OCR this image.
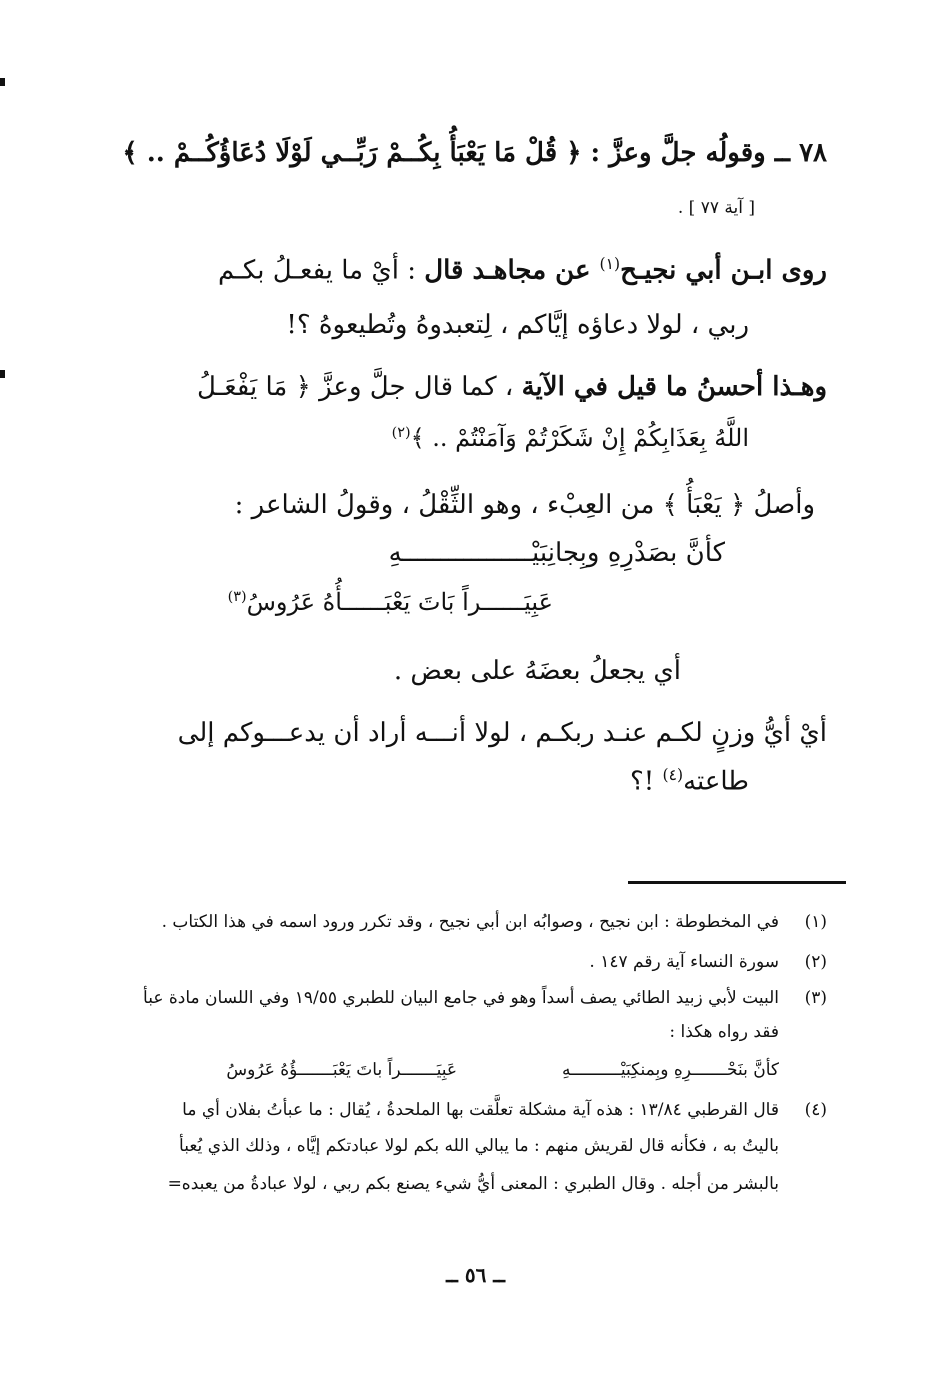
٧٨ ــ وقولُه جلَّ وعزَّ : ﴿ قُلْ مَا يَعْبَأُ بِكُــمْ رَبِّــي لَوْلَا دُعَاؤُكُــمْ .. ﴾
[ آية ٧٧ ] .
روى ابـن أبي نجيـح$^{(١)}$ عن مجاهـد قال : أيْ ما يفعـلُ بكـم
ربي ، لولا دعاؤه إيَّاكم ، لِتعبدوهُ وتُطيعوهُ ؟!
وهـذا أحسنُ ما قيل في الآية ، كما قال جلَّ وعزَّ ﴿ مَا يَفْعَـلُ
اللَّهُ بِعَذَابِكُمْ إِنْ شَكَرْتُمْ وَآمَنْتُمْ .. ﴾$^{(٢)}$
وأصلُ ﴿ يَعْبَأُ ﴾ من العِبْء ، وهو الثِّقْلُ ، وقولُ الشاعر :
كأنَّ بصَدْرِهِ وبِجانِبَيْـــــــــــــــــهِ
عَبِيَــــــراً بَاتَ يَعْبَــــــأُهُ عَرُوسُ$^{(٣)}$
أي يجعلُ بعضَهُ على بعض .
أيْ أيُّ وزنٍ لكـم عنـد ربكـم ، لولا أنـــه أراد أن يدعـــوكم إلى
طاعته$^{(٤)}$ !؟
(١)
في المخطوطة : ابن نجيح ، وصوابُه ابن أبي نجيح ، وقد تكرر ورود اسمه في هذا الكتاب .
(٢)
سورة النساء آية رقم ١٤٧ .
(٣)
البيت لأبي زبيد الطائي يصف أسداً وهو في جامع البيان للطبري ١٩/٥٥ وفي اللسان مادة عبأ
فقد رواه هكذا :
كأنَّ بنَحْـــــــرِهِ وبِمنكِبَيْــــــــــهِ
عَبِيَـــــــراً باتَ يَعْبَـــــــؤُهُ عَرُوسُ
(٤)
قال القرطبي ١٣/٨٤ : هذه آية مشكلة تعلَّقت بها الملحدةُ ، يُقال : ما عبأتُ بفلان أي ما
باليتُ به ، فكأنه قال لقريش منهم : ما يبالي الله بكم لولا عبادتكم إيَّاه ، وذلك الذي يُعبأ
بالبشر من أجله . وقال الطبري : المعنى أيُّ شيء يصنع بكم ربي ، لولا عبادةُ من يعبده=
ــ ٥٦ ــ
